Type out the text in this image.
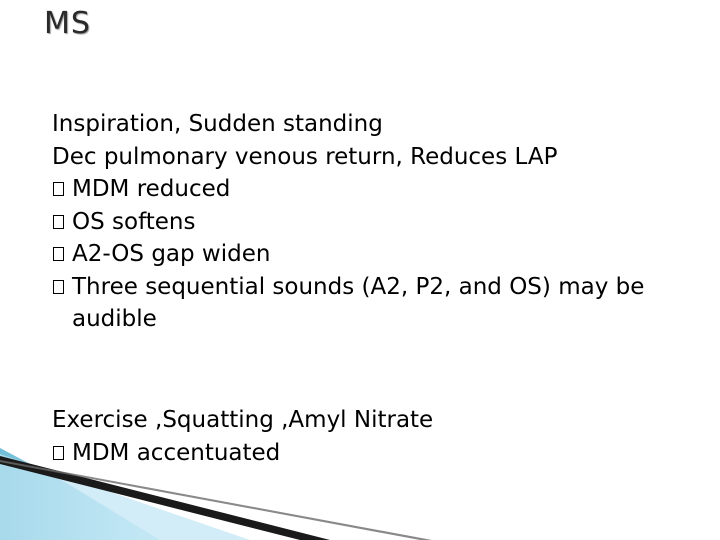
MS
Inspiration, Sudden standing
Dec pulmonary venous return, Reduces LAP
MDM reduced
OS softens
A2-OS gap widen
Three sequential sounds (A2, P2, and OS) may be audible
Exercise ,Squatting ,Amyl Nitrate
MDM accentuated
